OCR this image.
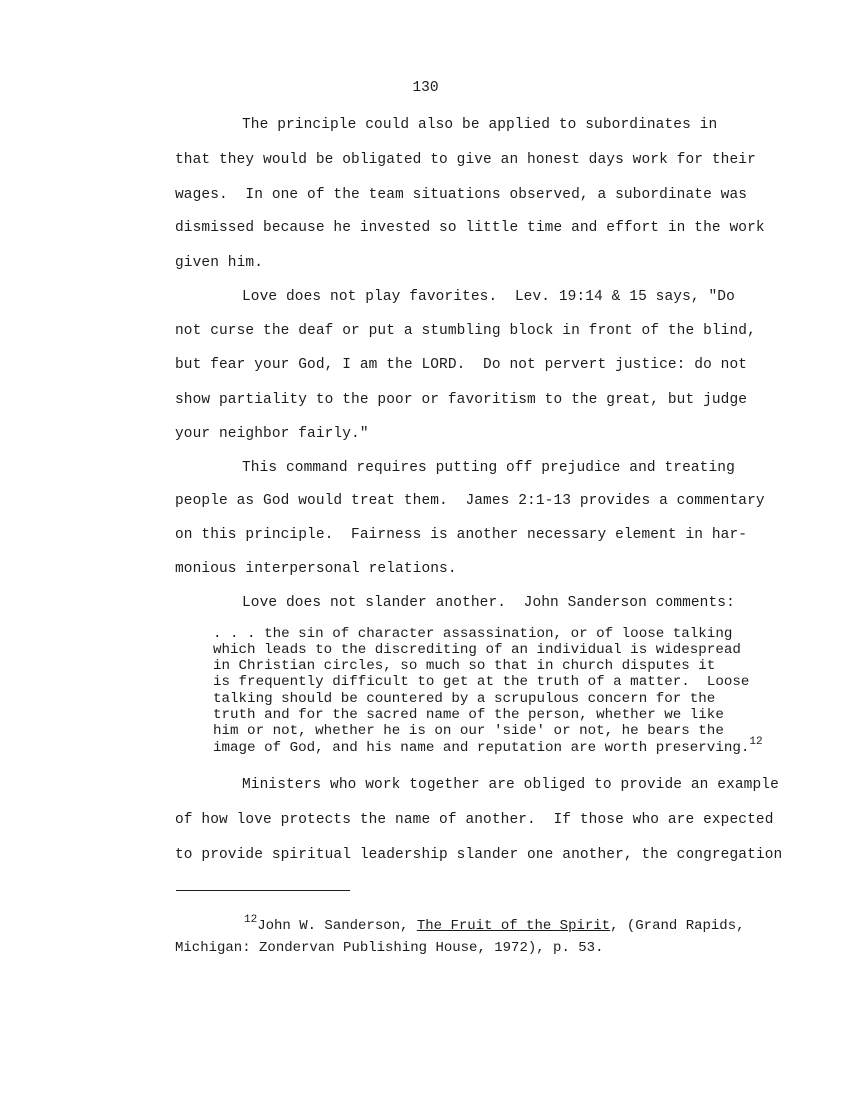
130
The principle could also be applied to subordinates in
that they would be obligated to give an honest days work for their
wages.  In one of the team situations observed, a subordinate was
dismissed because he invested so little time and effort in the work
given him.
Love does not play favorites.  Lev. 19:14 & 15 says, "Do
not curse the deaf or put a stumbling block in front of the blind,
but fear your God, I am the LORD.  Do not pervert justice: do not
show partiality to the poor or favoritism to the great, but judge
your neighbor fairly."
This command requires putting off prejudice and treating
people as God would treat them.  James 2:1-13 provides a commentary
on this principle.  Fairness is another necessary element in har-
monious interpersonal relations.
Love does not slander another.  John Sanderson comments:
. . . the sin of character assassination, or of loose talking
which leads to the discrediting of an individual is widespread
in Christian circles, so much so that in church disputes it
is frequently difficult to get at the truth of a matter.  Loose
talking should be countered by a scrupulous concern for the
truth and for the sacred name of the person, whether we like
him or not, whether he is on our 'side' or not, he bears the
image of God, and his name and reputation are worth preserving.$^{12}$
Ministers who work together are obliged to provide an example
of how love protects the name of another.  If those who are expected
to provide spiritual leadership slander one another, the congregation
$^{12}$John W. Sanderson, The Fruit of the Spirit, (Grand Rapids,
Michigan: Zondervan Publishing House, 1972), p. 53.
